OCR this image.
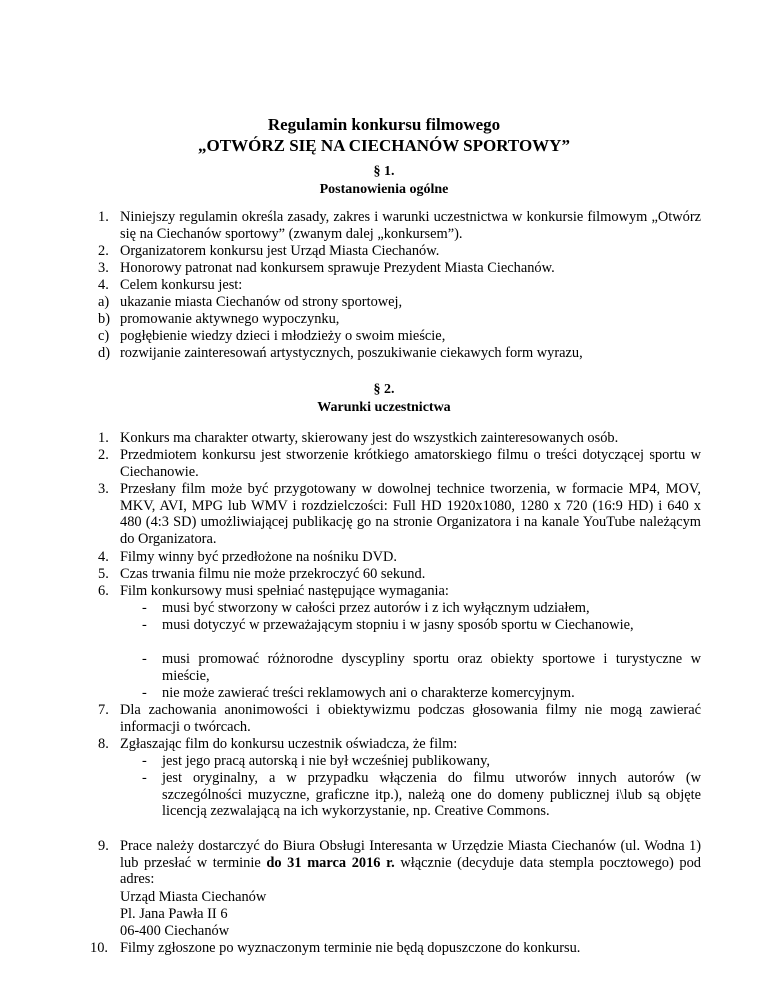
Regulamin konkursu filmowego
„OTWÓRZ SIĘ NA CIECHANÓW SPORTOWY”
§ 1.
Postanowienia ogólne
1. Niniejszy regulamin określa zasady, zakres i warunki uczestnictwa w konkursie filmowym „Otwórz się na Ciechanów sportowy” (zwanym dalej „konkursem”).
2. Organizatorem konkursu jest Urząd Miasta Ciechanów.
3. Honorowy patronat nad konkursem sprawuje Prezydent Miasta Ciechanów.
4. Celem konkursu jest:
a) ukazanie miasta Ciechanów od strony sportowej,
b) promowanie aktywnego wypoczynku,
c) pogłębienie wiedzy dzieci i młodzieży o swoim mieście,
d) rozwijanie zainteresowań artystycznych, poszukiwanie ciekawych form wyrazu,
§ 2.
Warunki uczestnictwa
1. Konkurs ma charakter otwarty, skierowany jest do wszystkich zainteresowanych osób.
2. Przedmiotem konkursu jest stworzenie krótkiego amatorskiego filmu o treści dotyczącej sportu w Ciechanowie.
3. Przesłany film może być przygotowany w dowolnej technice tworzenia, w formacie MP4, MOV, MKV, AVI, MPG lub WMV i rozdzielczości: Full HD 1920x1080, 1280 x 720 (16:9 HD) i 640 x 480 (4:3 SD) umożliwiającej publikację go na stronie Organizatora i na kanale YouTube należącym do Organizatora.
4. Filmy winny być przedłożone na nośniku DVD.
5. Czas trwania filmu nie może przekroczyć 60 sekund.
6. Film konkursowy musi spełniać następujące wymagania:
- musi być stworzony w całości przez autorów i z ich wyłącznym udziałem,
- musi dotyczyć w przeważającym stopniu i w jasny sposób sportu w Ciechanowie,
- musi promować różnorodne dyscypliny sportu oraz obiekty sportowe i turystyczne w mieście,
- nie może zawierać treści reklamowych ani o charakterze komercyjnym.
7. Dla zachowania anonimowości i obiektywizmu podczas głosowania filmy nie mogą zawierać informacji o twórcach.
8. Zgłaszając film do konkursu uczestnik oświadcza, że film:
- jest jego pracą autorską i nie był wcześniej publikowany,
- jest oryginalny, a w przypadku włączenia do filmu utworów innych autorów (w szczególności muzyczne, graficzne itp.), należą one do domeny publicznej i\lub są objęte licencją zezwalającą na ich wykorzystanie, np. Creative Commons.
9. Prace należy dostarczyć do Biura Obsługi Interesanta w Urzędzie Miasta Ciechanów (ul. Wodna 1) lub przesłać w terminie do 31 marca 2016 r. włącznie (decyduje data stempla pocztowego) pod adres:
Urząd Miasta Ciechanów
Pl. Jana Pawła II 6
06-400 Ciechanów
10. Filmy zgłoszone po wyznaczonym terminie nie będą dopuszczone do konkursu.
